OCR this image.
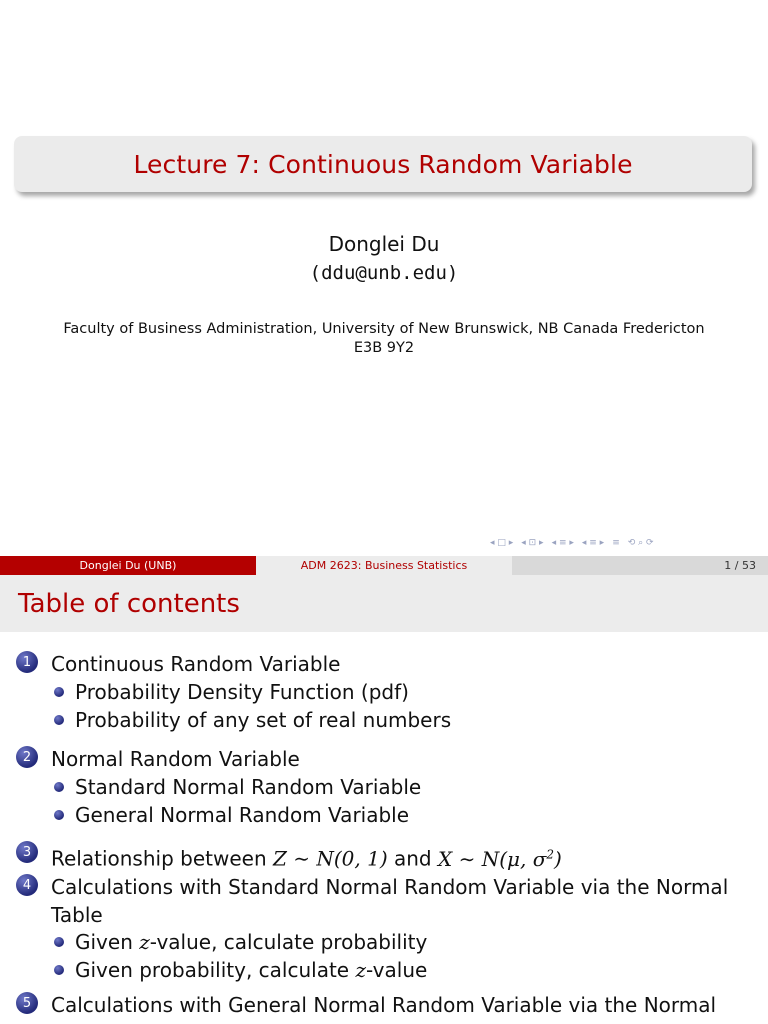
Lecture 7: Continuous Random Variable
Donglei Du
(ddu@unb.edu)
Faculty of Business Administration, University of New Brunswick, NB Canada Fredericton
E3B 9Y2
◂ □ ▸ ◂ ⊡ ▸ ◂ ≡ ▸ ◂ ≡ ▸ ≡ ⟲ ⌕ ⟳
Donglei Du (UNB)	ADM 2623: Business Statistics	1 / 53
Table of contents
1 Continuous Random Variable
Probability Density Function (pdf)
Probability of any set of real numbers
2 Normal Random Variable
Standard Normal Random Variable
General Normal Random Variable
3 Relationship between Z ∼ N(0, 1) and X ∼ N(μ, $\sigma^2$)
4 Calculations with Standard Normal Random Variable via the Normal Table
Given z-value, calculate probability
Given probability, calculate z-value
5 Calculations with General Normal Random Variable via the Normal
